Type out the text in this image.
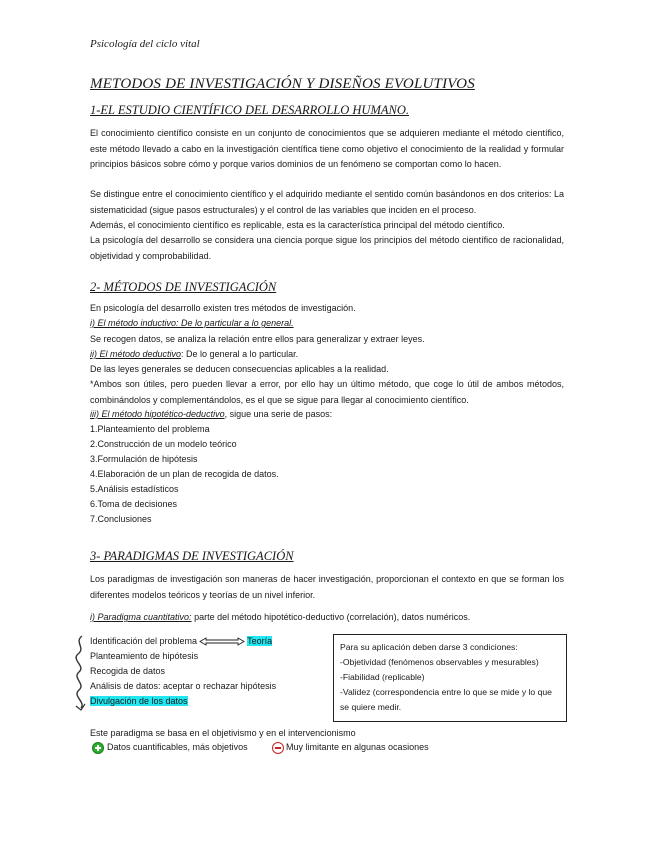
Psicología del ciclo vital
METODOS DE INVESTIGACIÓN Y DISEÑOS EVOLUTIVOS
1-EL ESTUDIO CIENTÍFICO DEL DESARROLLO HUMANO.
El conocimiento científico consiste en un conjunto de conocimientos que se adquieren mediante el método científico, este método llevado a cabo en la investigación científica tiene como objetivo el conocimiento de la realidad y formular principios básicos sobre cómo y porque varios dominios de un fenómeno se comportan como lo hacen.
Se distingue entre el conocimiento científico y el adquirido mediante el sentido común basándonos en dos criterios: La sistematicidad (sigue pasos estructurales) y el control de las variables que inciden en el proceso.
Además, el conocimiento científico es replicable, esta es la característica principal del método científico.
La psicología del desarrollo se considera una ciencia porque sigue los principios del método científico de racionalidad, objetividad y comprobabilidad.
2- MÉTODOS DE INVESTIGACIÓN
En psicología del desarrollo existen tres métodos de investigación.
i) El método inductivo: De lo particular a lo general.
Se recogen datos, se analiza la relación entre ellos para generalizar y extraer leyes.
ii) El método deductivo: De lo general a lo particular.
De las leyes generales se deducen consecuencias aplicables a la realidad.
*Ambos son útiles, pero pueden llevar a error, por ello hay un último método, que coge lo útil de ambos métodos, combinándolos y complementándolos, es el que se sigue para llegar al conocimiento científico.
iii) El método hipotético-deductivo, sigue una serie de pasos:
1.Planteamiento del problema
2.Construcción de un modelo teórico
3.Formulación de hipótesis
4.Elaboración de un plan de recogida de datos.
5.Análisis estadísticos
6.Toma de decisiones
7.Conclusiones
3- PARADIGMAS DE INVESTIGACIÓN
Los paradigmas de investigación son maneras de hacer investigación, proporcionan el contexto en que se forman los diferentes modelos teóricos y teorías de un nivel inferior.
i) Paradigma cuantitativo: parte del método hipotético-deductivo (correlación), datos numéricos.
Identificación del problema	Teoría
Planteamiento de hipótesis
Recogida de datos
Análisis de datos: aceptar o rechazar hipótesis
Divulgación de los datos
Para su aplicación deben darse 3 condiciones:
-Objetividad (fenómenos observables y mesurables)
-Fiabilidad (replicable)
-Validez (correspondencia entre lo que se mide y lo que se quiere medir.
Este paradigma se basa en el objetivismo y en el intervencionismo
Datos cuantificables, más objetivos	Muy limitante en algunas ocasiones
